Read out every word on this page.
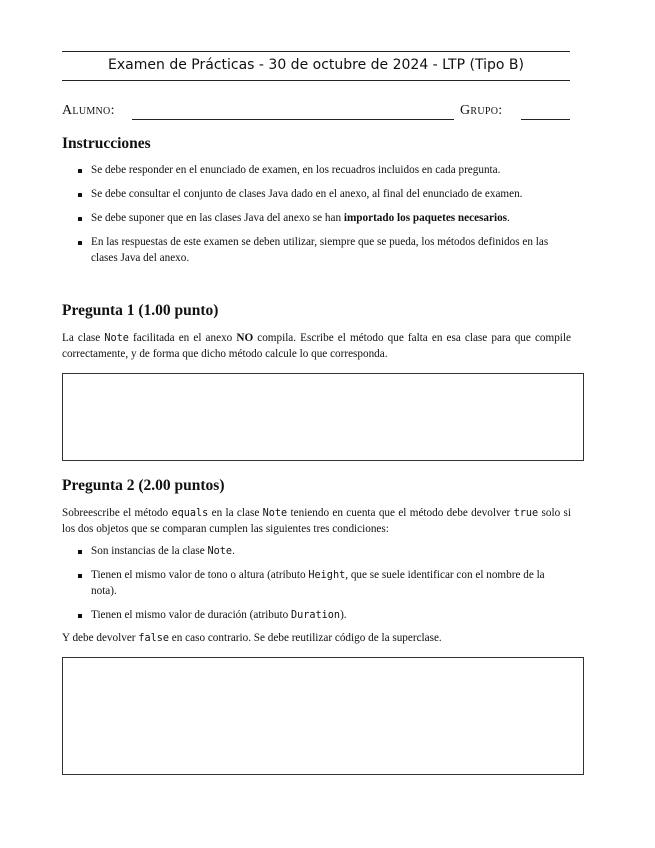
Examen de Prácticas - 30 de octubre de 2024 - LTP (Tipo B)
Alumno:	Grupo:
Instrucciones
Se debe responder en el enunciado de examen, en los recuadros incluidos en cada pregunta.
Se debe consultar el conjunto de clases Java dado en el anexo, al final del enunciado de examen.
Se debe suponer que en las clases Java del anexo se han importado los paquetes necesarios.
En las respuestas de este examen se deben utilizar, siempre que se pueda, los métodos definidos en las clases Java del anexo.
Pregunta 1 (1.00 punto)
La clase Note facilitada en el anexo NO compila. Escribe el método que falta en esa clase para que compile correctamente, y de forma que dicho método calcule lo que corresponda.
Pregunta 2 (2.00 puntos)
Sobreescribe el método equals en la clase Note teniendo en cuenta que el método debe devolver true solo si los dos objetos que se comparan cumplen las siguientes tres condiciones:
Son instancias de la clase Note.
Tienen el mismo valor de tono o altura (atributo Height, que se suele identificar con el nombre de la nota).
Tienen el mismo valor de duración (atributo Duration).
Y debe devolver false en caso contrario. Se debe reutilizar código de la superclase.
